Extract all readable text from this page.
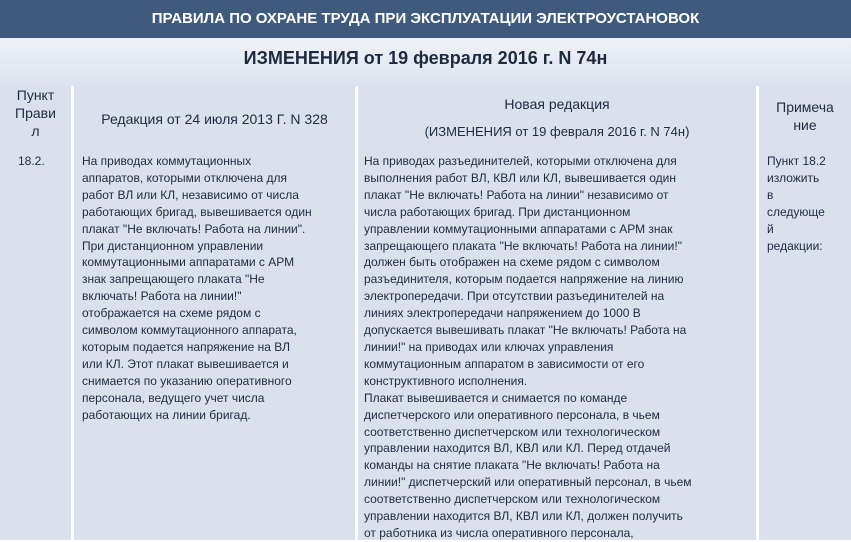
ПРАВИЛА ПО ОХРАНЕ ТРУДА ПРИ ЭКСПЛУАТАЦИИ ЭЛЕКТРОУСТАНОВОК
ИЗМЕНЕНИЯ от 19 февраля 2016 г. N 74н
Пункт
Прави
л
Редакция от 24 июля 2013 Г. N 328
Новая редакция
(ИЗМЕНЕНИЯ от 19 февраля 2016 г. N 74н)
Примеча
ние
18.2.	На приводах коммутационных
аппаратов, которыми отключена для
работ ВЛ или КЛ, независимо от числа
работающих бригад, вывешивается один
плакат "Не включать! Работа на линии".
При дистанционном управлении
коммутационными аппаратами с АРМ
знак запрещающего плаката "Не
включать! Работа на линии!"
отображается на схеме рядом с
символом коммутационного аппарата,
которым подается напряжение на ВЛ
или КЛ. Этот плакат вывешивается и
снимается по указанию оперативного
персонала, ведущего учет числа
работающих на линии бригад.
На приводах разъединителей, которыми отключена для
выполнения работ ВЛ, КВЛ или КЛ, вывешивается один
плакат "Не включать! Работа на линии" независимо от
числа работающих бригад. При дистанционном
управлении коммутационными аппаратами с АРМ знак
запрещающего плаката "Не включать! Работа на линии!"
должен быть отображен на схеме рядом с символом
разъединителя, которым подается напряжение на линию
электропередачи. При отсутствии разъединителей на
линиях электропередачи напряжением до 1000 В
допускается вывешивать плакат "Не включать! Работа на
линии!" на приводах или ключах управления
коммутационным аппаратом в зависимости от его
конструктивного исполнения.
Плакат вывешивается и снимается по команде
диспетчерского или оперативного персонала, в чьем
соответственно диспетчерском или технологическом
управлении находится ВЛ, КВЛ или КЛ. Перед отдачей
команды на снятие плаката "Не включать! Работа на
линии!" диспетчерский или оперативный персонал, в чьем
соответственно диспетчерском или технологическом
управлении находится ВЛ, КВЛ или КЛ, должен получить
от работника из числа оперативного персонала,
Пункт 18.2
изложить
в
следующе
й
редакции:
